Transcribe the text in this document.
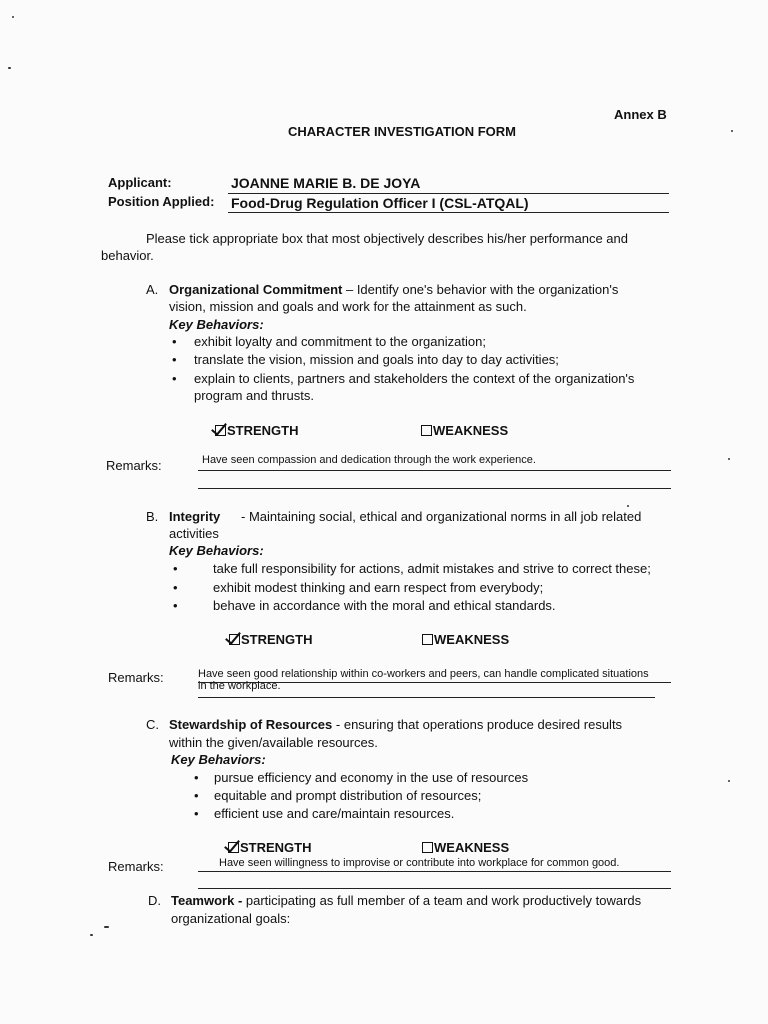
Annex B
CHARACTER INVESTIGATION FORM
Applicant:	JOANNE MARIE B. DE JOYA
Position Applied: Food-Drug Regulation Officer I (CSL-ATQAL)
Please tick appropriate box that most objectively describes his/her performance and
behavior.
A. Organizational Commitment – Identify one's behavior with the organization's
vision, mission and goals and work for the attainment as such.
Key Behaviors:
• exhibit loyalty and commitment to the organization;
• translate the vision, mission and goals into day to day activities;
• explain to clients, partners and stakeholders the context of the organization's
program and thrusts.
STRENGTH	WEAKNESS
Remarks:	Have seen compassion and dedication through the work experience.
B. Integrity - Maintaining social, ethical and organizational norms in all job related
activities
Key Behaviors:
•	take full responsibility for actions, admit mistakes and strive to correct these;
•	exhibit modest thinking and earn respect from everybody;
•	behave in accordance with the moral and ethical standards.
STRENGTH	WEAKNESS
Remarks:	Have seen good relationship within co-workers and peers, can handle complicated situations
in the workplace.
C. Stewardship of Resources - ensuring that operations produce desired results
within the given/available resources.
Key Behaviors:
• pursue efficiency and economy in the use of resources
• equitable and prompt distribution of resources;
• efficient use and care/maintain resources.
STRENGTH	WEAKNESS
Remarks:	Have seen willingness to improvise or contribute into workplace for common good.
D. Teamwork - participating as full member of a team and work productively towards
organizational goals:
